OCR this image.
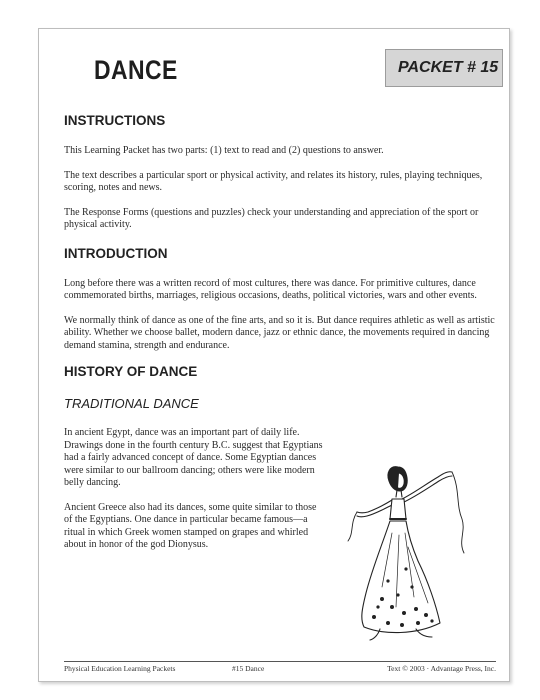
DANCE	PACKET # 15
INSTRUCTIONS

This Learning Packet has two parts: (1) text to read and (2) questions to answer.

The text describes a particular sport or physical activity, and relates its history, rules, playing techniques, scoring, notes and news.

The Response Forms (questions and puzzles) check your understanding and appreciation of the sport or physical activity.

INTRODUCTION

Long before there was a written record of most cultures, there was dance. For primitive cultures, dance commemorated births, marriages, religious occasions, deaths, political victories, wars and other events.

We normally think of dance as one of the fine arts, and so it is. But dance requires athletic as well as artistic ability. Whether we choose ballet, modern dance, jazz or ethnic dance, the movements required in dancing demand stamina, strength and endurance.

HISTORY OF DANCE
TRADITIONAL DANCE

In ancient Egypt, dance was an important part of daily life. Drawings done in the fourth century B.C. suggest that Egyptians had a fairly advanced concept of dance. Some Egyptian dances were similar to our ballroom dancing; others were like modern belly dancing.

Ancient Greece also had its dances, some quite similar to those of the Egyptians. One dance in particular became famous—a ritual in which Greek women stamped on grapes and whirled about in honor of the god Dionysus.

Physical Education Learning Packets	#15 Dance	Text © 2003 · Advantage Press, Inc.
